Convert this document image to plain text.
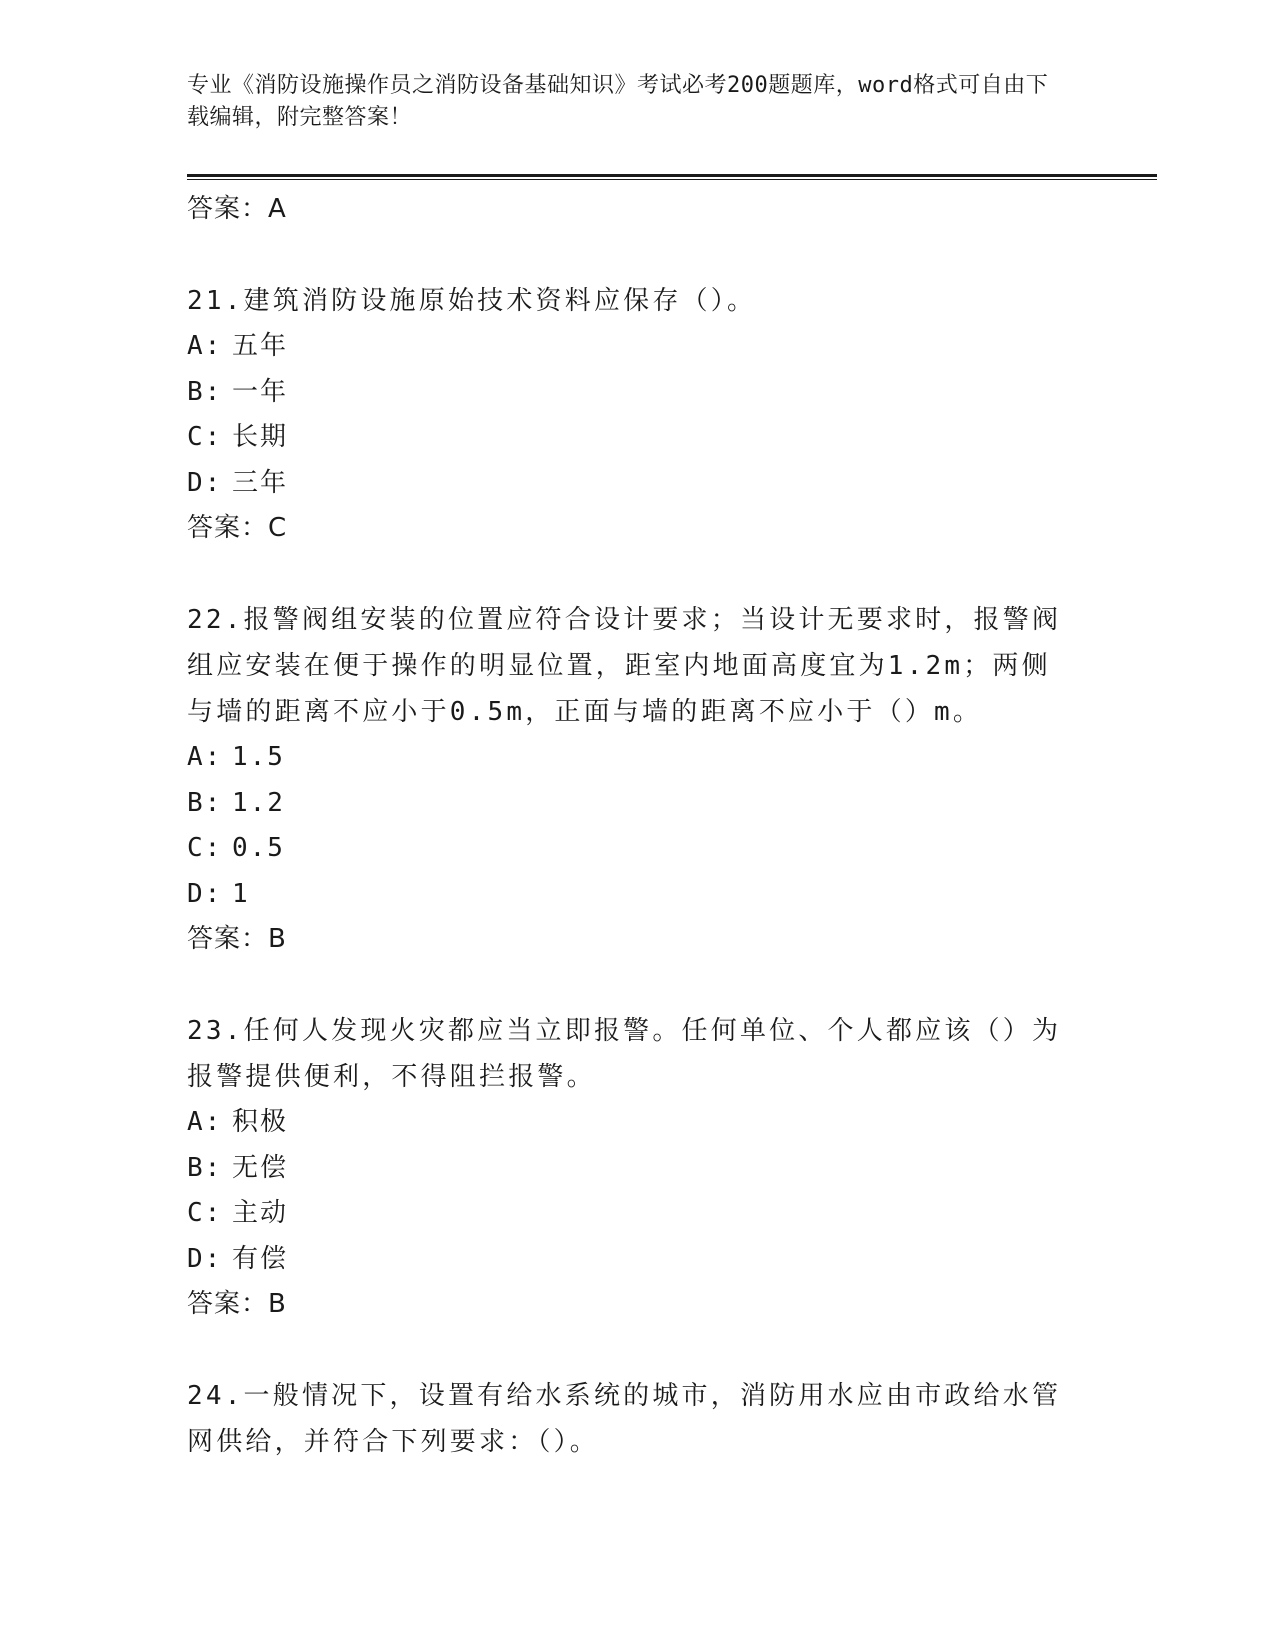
专业《消防设施操作员之消防设备基础知识》考试必考200题题库，word格式可自由下载编辑，附完整答案！

答案：A

21.建筑消防设施原始技术资料应保存（）。

A: 五年

B: 一年

C: 长期

D: 三年

答案：C

22.报警阀组安装的位置应符合设计要求；当设计无要求时，报警阀组应安装在便于操作的明显位置，距室内地面高度宜为1.2m；两侧与墙的距离不应小于0.5m，正面与墙的距离不应小于（）m。

A: 1.5

B: 1.2

C: 0.5

D: 1

答案：B

23.任何人发现火灾都应当立即报警。任何单位、个人都应该（）为报警提供便利，不得阻拦报警。

A: 积极

B: 无偿

C: 主动

D: 有偿

答案：B

24.一般情况下，设置有给水系统的城市，消防用水应由市政给水管网供给，并符合下列要求：（）。
